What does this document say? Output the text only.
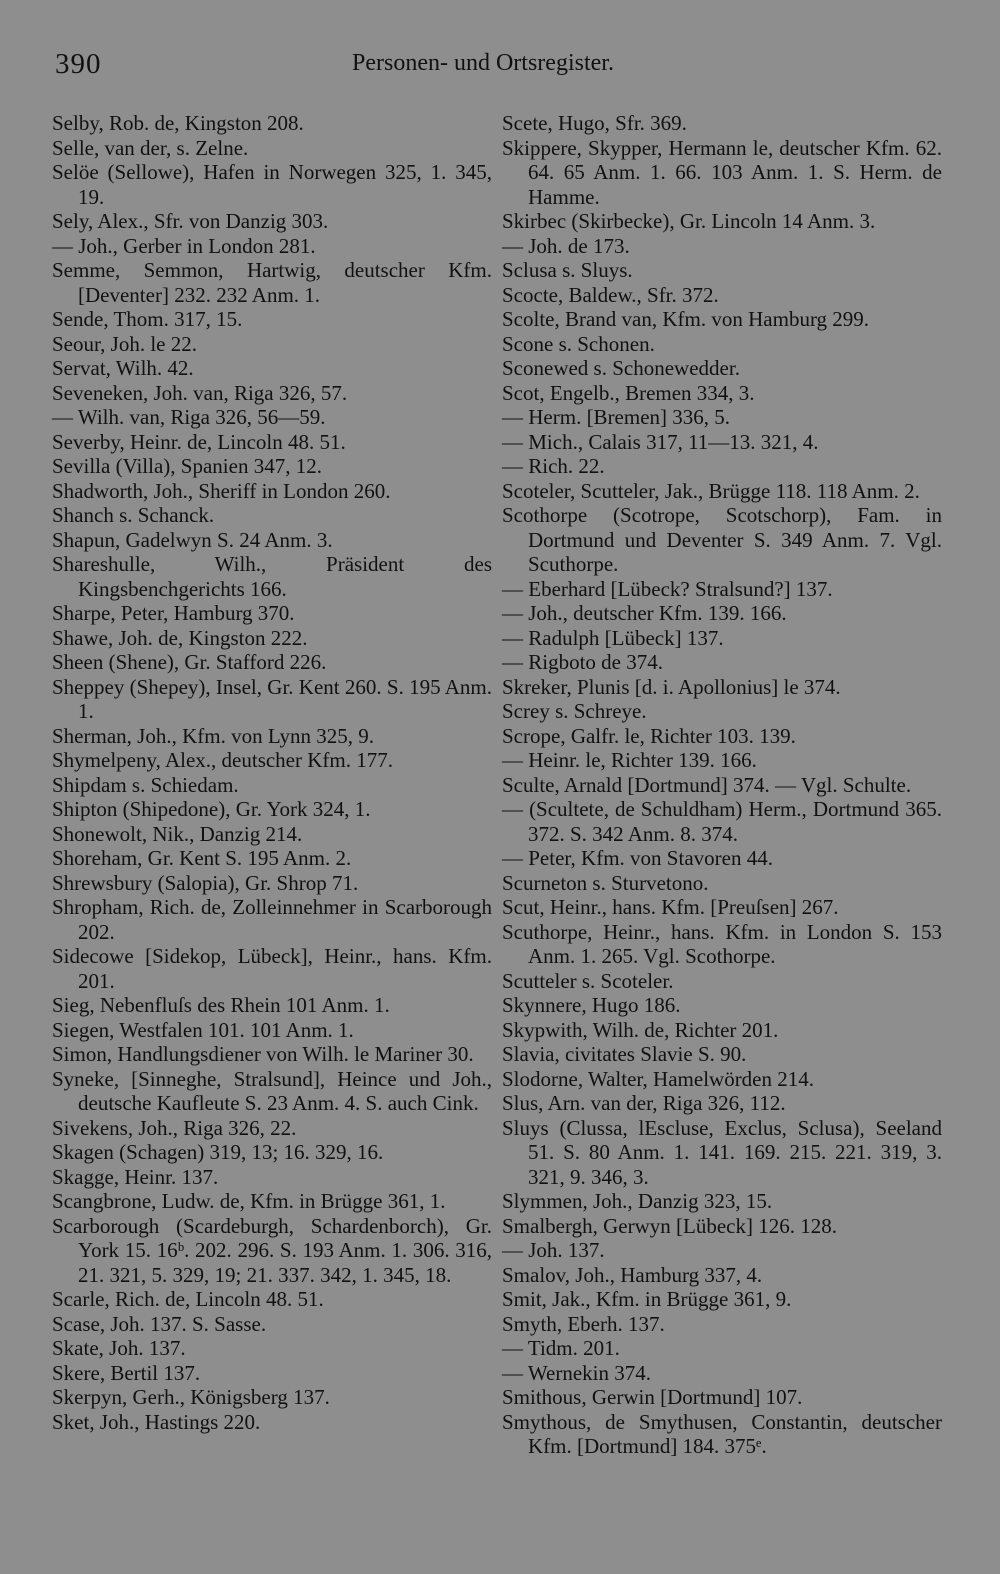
390	Personen- und Ortsregister.
Selby, Rob. de, Kingston 208.
Selle, van der, s. Zelne.
Selöe (Sellowe), Hafen in Norwegen 325, 1. 345, 19.
Sely, Alex., Sfr. von Danzig 303.
— Joh., Gerber in London 281.
Semme, Semmon, Hartwig, deutscher Kfm. [Deventer] 232. 232 Anm. 1.
Sende, Thom. 317, 15.
Seour, Joh. le 22.
Servat, Wilh. 42.
Seveneken, Joh. van, Riga 326, 57.
— Wilh. van, Riga 326, 56—59.
Severby, Heinr. de, Lincoln 48. 51.
Sevilla (Villa), Spanien 347, 12.
Shadworth, Joh., Sheriff in London 260.
Shanch s. Schanck.
Shapun, Gadelwyn S. 24 Anm. 3.
Shareshulle, Wilh., Präsident des Kingsbenchgerichts 166.
Sharpe, Peter, Hamburg 370.
Shawe, Joh. de, Kingston 222.
Sheen (Shene), Gr. Stafford 226.
Sheppey (Shepey), Insel, Gr. Kent 260. S. 195 Anm. 1.
Sherman, Joh., Kfm. von Lynn 325, 9.
Shymelpeny, Alex., deutscher Kfm. 177.
Shipdam s. Schiedam.
Shipton (Shipedone), Gr. York 324, 1.
Shonewolt, Nik., Danzig 214.
Shoreham, Gr. Kent S. 195 Anm. 2.
Shrewsbury (Salopia), Gr. Shrop 71.
Shropham, Rich. de, Zolleinnehmer in Scarborough 202.
Sidecowe [Sidekop, Lübeck], Heinr., hans. Kfm. 201.
Sieg, Nebenfluſs des Rhein 101 Anm. 1.
Siegen, Westfalen 101. 101 Anm. 1.
Simon, Handlungsdiener von Wilh. le Mariner 30.
Syneke, [Sinneghe, Stralsund], Heince und Joh., deutsche Kaufleute S. 23 Anm. 4. S. auch Cink.
Sivekens, Joh., Riga 326, 22.
Skagen (Schagen) 319, 13; 16. 329, 16.
Skagge, Heinr. 137.
Scangbrone, Ludw. de, Kfm. in Brügge 361, 1.
Scarborough (Scardeburgh, Schardenborch), Gr. York 15. 16ᵇ. 202. 296. S. 193 Anm. 1. 306. 316, 21. 321, 5. 329, 19; 21. 337. 342, 1. 345, 18.
Scarle, Rich. de, Lincoln 48. 51.
Scase, Joh. 137. S. Sasse.
Skate, Joh. 137.
Skere, Bertil 137.
Skerpyn, Gerh., Königsberg 137.
Sket, Joh., Hastings 220.
Scete, Hugo, Sfr. 369.
Skippere, Skypper, Hermann le, deutscher Kfm. 62. 64. 65 Anm. 1. 66. 103 Anm. 1. S. Herm. de Hamme.
Skirbec (Skirbecke), Gr. Lincoln 14 Anm. 3.
— Joh. de 173.
Sclusa s. Sluys.
Scocte, Baldew., Sfr. 372.
Scolte, Brand van, Kfm. von Hamburg 299.
Scone s. Schonen.
Sconewed s. Schonewedder.
Scot, Engelb., Bremen 334, 3.
— Herm. [Bremen] 336, 5.
— Mich., Calais 317, 11—13. 321, 4.
— Rich. 22.
Scoteler, Scutteler, Jak., Brügge 118. 118 Anm. 2.
Scothorpe (Scotrope, Scotschorp), Fam. in Dortmund und Deventer S. 349 Anm. 7. Vgl. Scuthorpe.
— Eberhard [Lübeck? Stralsund?] 137.
— Joh., deutscher Kfm. 139. 166.
— Radulph [Lübeck] 137.
— Rigboto de 374.
Skreker, Plunis [d. i. Apollonius] le 374.
Screy s. Schreye.
Scrope, Galfr. le, Richter 103. 139.
— Heinr. le, Richter 139. 166.
Sculte, Arnald [Dortmund] 374. — Vgl. Schulte.
— (Scultete, de Schuldham) Herm., Dortmund 365. 372. S. 342 Anm. 8. 374.
— Peter, Kfm. von Stavoren 44.
Scurneton s. Sturvetono.
Scut, Heinr., hans. Kfm. [Preuſsen] 267.
Scuthorpe, Heinr., hans. Kfm. in London S. 153 Anm. 1. 265. Vgl. Scothorpe.
Scutteler s. Scoteler.
Skynnere, Hugo 186.
Skypwith, Wilh. de, Richter 201.
Slavia, civitates Slavie S. 90.
Slodorne, Walter, Hamelwörden 214.
Slus, Arn. van der, Riga 326, 112.
Sluys (Clussa, lEscluse, Exclus, Sclusa), Seeland 51. S. 80 Anm. 1. 141. 169. 215. 221. 319, 3. 321, 9. 346, 3.
Slymmen, Joh., Danzig 323, 15.
Smalbergh, Gerwyn [Lübeck] 126. 128.
— Joh. 137.
Smalov, Joh., Hamburg 337, 4.
Smit, Jak., Kfm. in Brügge 361, 9.
Smyth, Eberh. 137.
— Tidm. 201.
— Wernekin 374.
Smithous, Gerwin [Dortmund] 107.
Smythous, de Smythusen, Constantin, deutscher Kfm. [Dortmund] 184. 375ᵉ.
